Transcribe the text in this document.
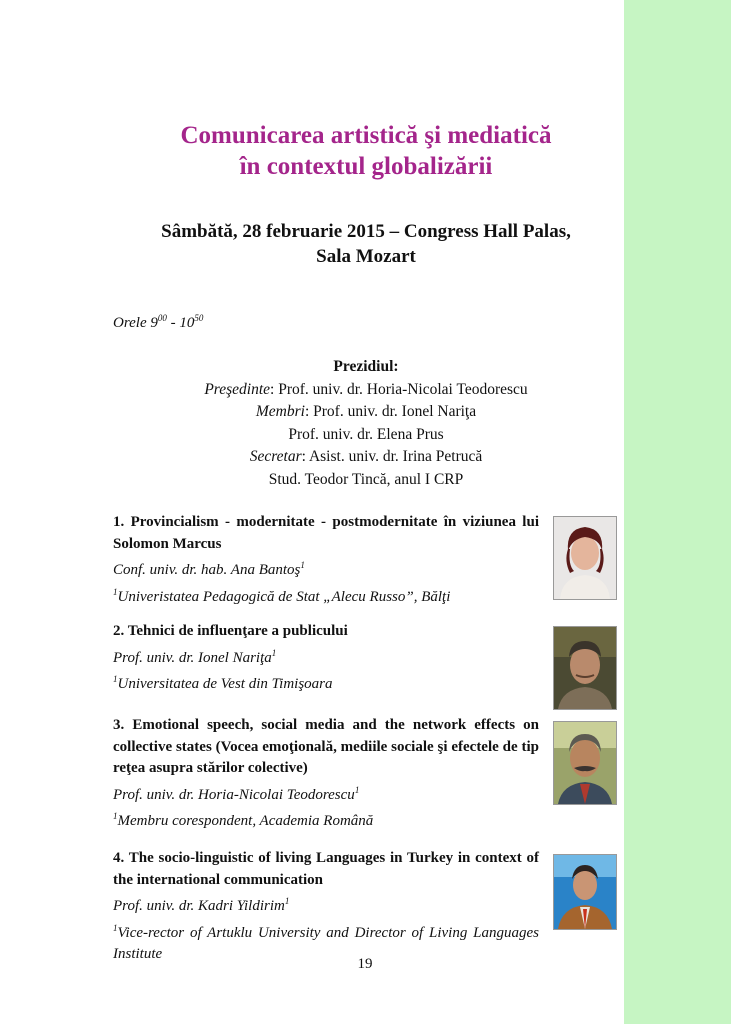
Comunicarea artistică şi mediatică
în contextul globalizării
Sâmbătă, 28 februarie 2015 – Congress Hall Palas,
Sala Mozart
Orele $9^{00} - 10^{50}$
Prezidiul:
Preşedinte: Prof. univ. dr. Horia-Nicolai Teodorescu
Membri: Prof. univ. dr. Ionel Nariţa
Prof. univ. dr. Elena Prus
Secretar: Asist. univ. dr. Irina Petrucă
Stud. Teodor Tincă, anul I CRP
1. Provincialism - modernitate - postmodernitate în viziunea lui Solomon Marcus
Conf. univ. dr. hab. Ana Bantoş$^1$
$^1$Univeristatea Pedagogică de Stat „Alecu Russo”, Bălţi
2. Tehnici de influenţare a publicului
Prof. univ. dr. Ionel Nariţa$^1$
$^1$Universitatea de Vest din Timişoara
3. Emotional speech, social media and the network effects on collective states (Vocea emoţională, mediile sociale şi efectele de tip reţea asupra stărilor colective)
Prof. univ. dr. Horia-Nicolai Teodorescu$^1$
$^1$Membru corespondent, Academia Română
4. The socio-linguistic of living Languages in Turkey in context of the international communication
Prof. univ. dr. Kadri Yildirim$^1$
$^1$Vice-rector of Artuklu University and Director of Living Languages Institute
19
